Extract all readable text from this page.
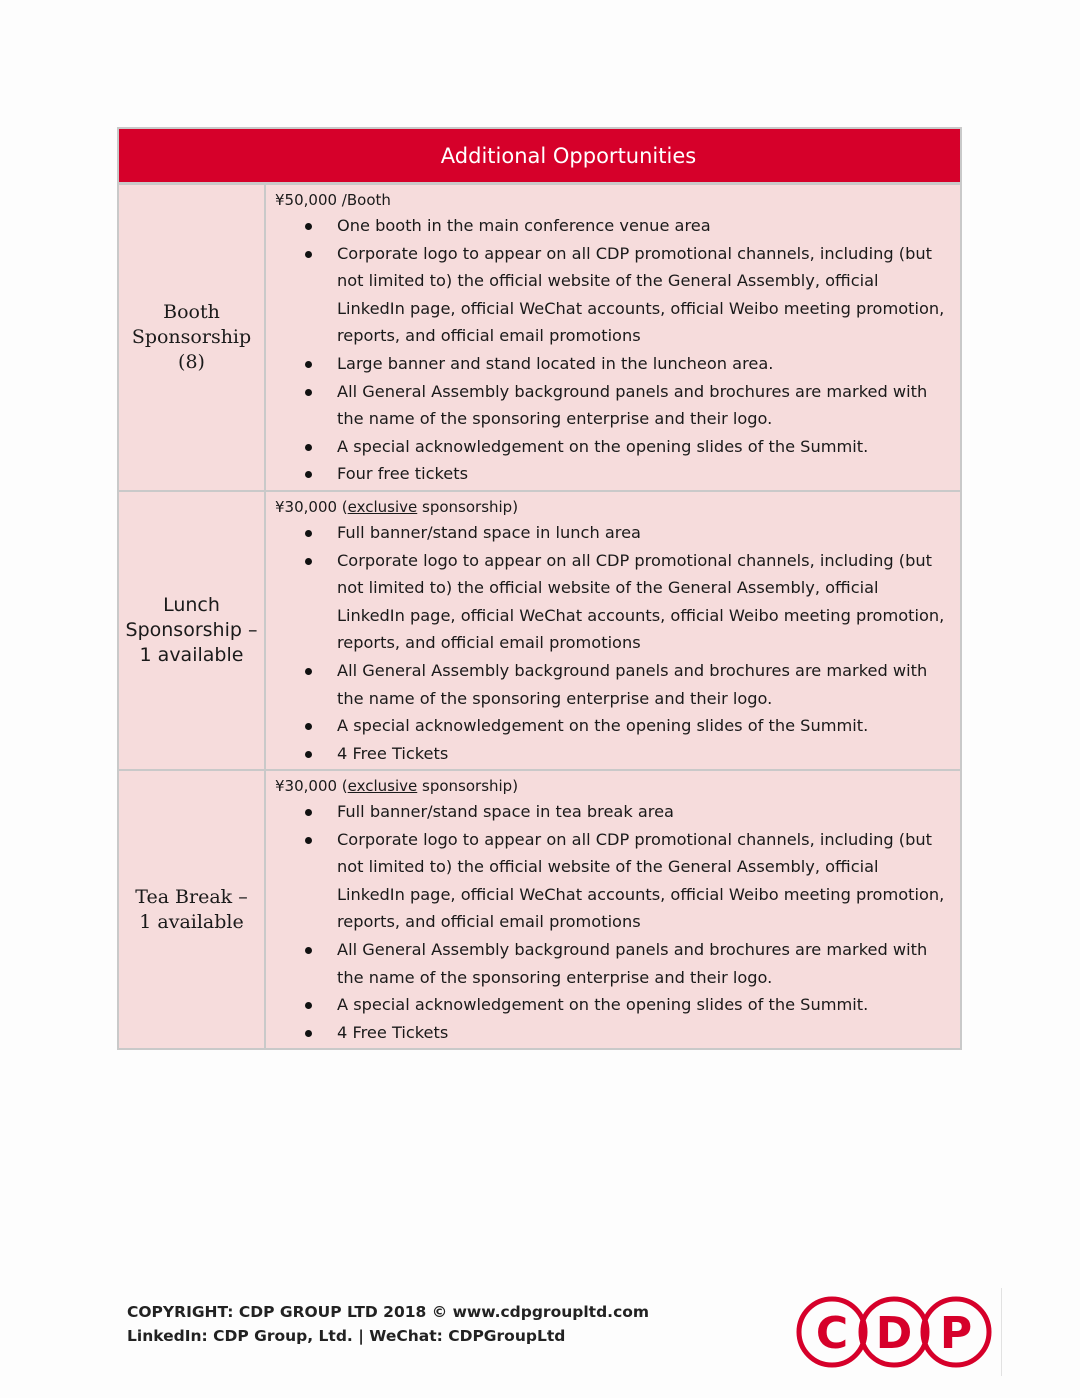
Additional Opportunities
Booth
Sponsorship
(8)
¥50,000 /Booth
One booth in the main conference venue area
Corporate logo to appear on all CDP promotional channels, including (but not limited to) the official website of the General Assembly, official LinkedIn page, official WeChat accounts, official Weibo meeting promotion, reports, and official email promotions
Large banner and stand located in the luncheon area.
All General Assembly background panels and brochures are marked with the name of the sponsoring enterprise and their logo.
A special acknowledgement on the opening slides of the Summit.
Four free tickets
Lunch
Sponsorship –
1 available
¥30,000 (exclusive sponsorship)
Full banner/stand space in lunch area
Corporate logo to appear on all CDP promotional channels, including (but not limited to) the official website of the General Assembly, official LinkedIn page, official WeChat accounts, official Weibo meeting promotion, reports, and official email promotions
All General Assembly background panels and brochures are marked with the name of the sponsoring enterprise and their logo.
A special acknowledgement on the opening slides of the Summit.
4 Free Tickets
Tea Break –
1 available
¥30,000 (exclusive sponsorship)
Full banner/stand space in tea break area
Corporate logo to appear on all CDP promotional channels, including (but not limited to) the official website of the General Assembly, official LinkedIn page, official WeChat accounts, official Weibo meeting promotion, reports, and official email promotions
All General Assembly background panels and brochures are marked with the name of the sponsoring enterprise and their logo.
A special acknowledgement on the opening slides of the Summit.
4 Free Tickets
COPYRIGHT: CDP GROUP LTD 2018 © www.cdpgroupltd.com
LinkedIn: CDP Group, Ltd. | WeChat: CDPGroupLtd	C D P
